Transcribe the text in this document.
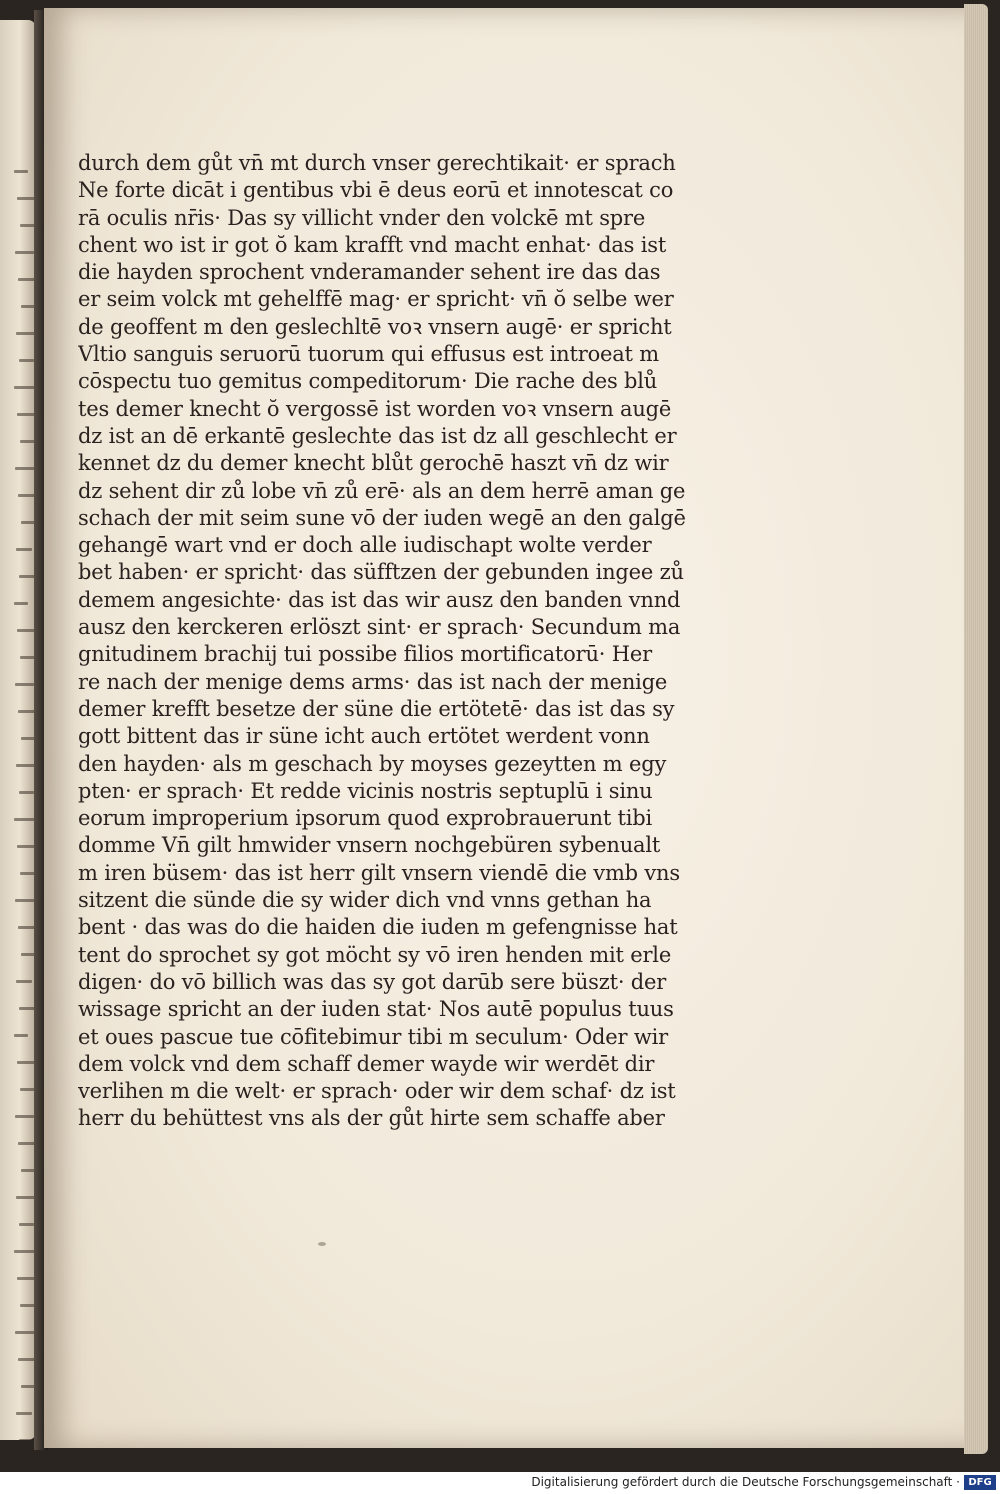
durch dem gůt vn̄ mt durch vnser gerechtikait· er sprach
Ne forte dicāt i gentibus vbi ē deus eorū et innotescat co
rā oculis nr̄is· Das sy villicht vnder den volckē mt spre
chent wo ist ir got ŏ kam krafft vnd macht enhat· das ist
die hayden sprochent vnderamander sehent ire das das
er seim volck mt gehelffē mag· er spricht· vn̄ ŏ selbe wer
de geoffent m den geslechltē voꝛ vnsern augē· er spricht
Vltio sanguis seruorū tuorum qui effusus est introeat m
cōspectu tuo gemitus compeditorum· Die rache des blů
tes demer knecht ŏ vergossē ist worden voꝛ vnsern augē
dz ist an dē erkantē geslechte das ist dz all geschlecht er
kennet dz du demer knecht blůt gerochē haszt vn̄ dz wir
dz sehent dir zů lobe vn̄ zů erē· als an dem herrē aman ge
schach der mit seim sune vō der iuden wegē an den galgē
gehangē wart vnd er doch alle iudischapt wolte verder
bet haben· er spricht· das süfftzen der gebunden ingee zů
demem angesichte· das ist das wir ausz den banden vnnd
ausz den kerckeren erlöszt sint· er sprach· Secundum ma
gnitudinem brachij tui possibe filios mortificatorū· Her
re nach der menige dems arms· das ist nach der menige
demer krefft besetze der süne die ertötetē· das ist das sy
gott bittent das ir süne icht auch ertötet werdent vonn
den hayden· als m geschach by moyses gezeytten m egy
pten· er sprach· Et redde vicinis nostris septuplū i sinu
eorum improperium ipsorum quod exprobrauerunt tibi
domme Vn̄ gilt hmwider vnsern nochgebüren sybenualt
m iren büsem· das ist herr gilt vnsern viendē die vmb vns
sitzent die sünde die sy wider dich vnd vnns gethan ha
bent · das was do die haiden die iuden m gefengnisse hat
tent do sprochet sy got möcht sy vō iren henden mit erle
digen· do vō billich was das sy got darūb sere büszt· der
wissage spricht an der iuden stat· Nos autē populus tuus
et oues pascue tue cōfitebimur tibi m seculum· Oder wir
dem volck vnd dem schaff demer wayde wir werdēt dir
verlihen m die welt· er sprach· oder wir dem schaf· dz ist
herr du behüttest vns als der gůt hirte sem schaffe aber
Digitalisierung gefördert durch die Deutsche Forschungsgemeinschaft · DFG
